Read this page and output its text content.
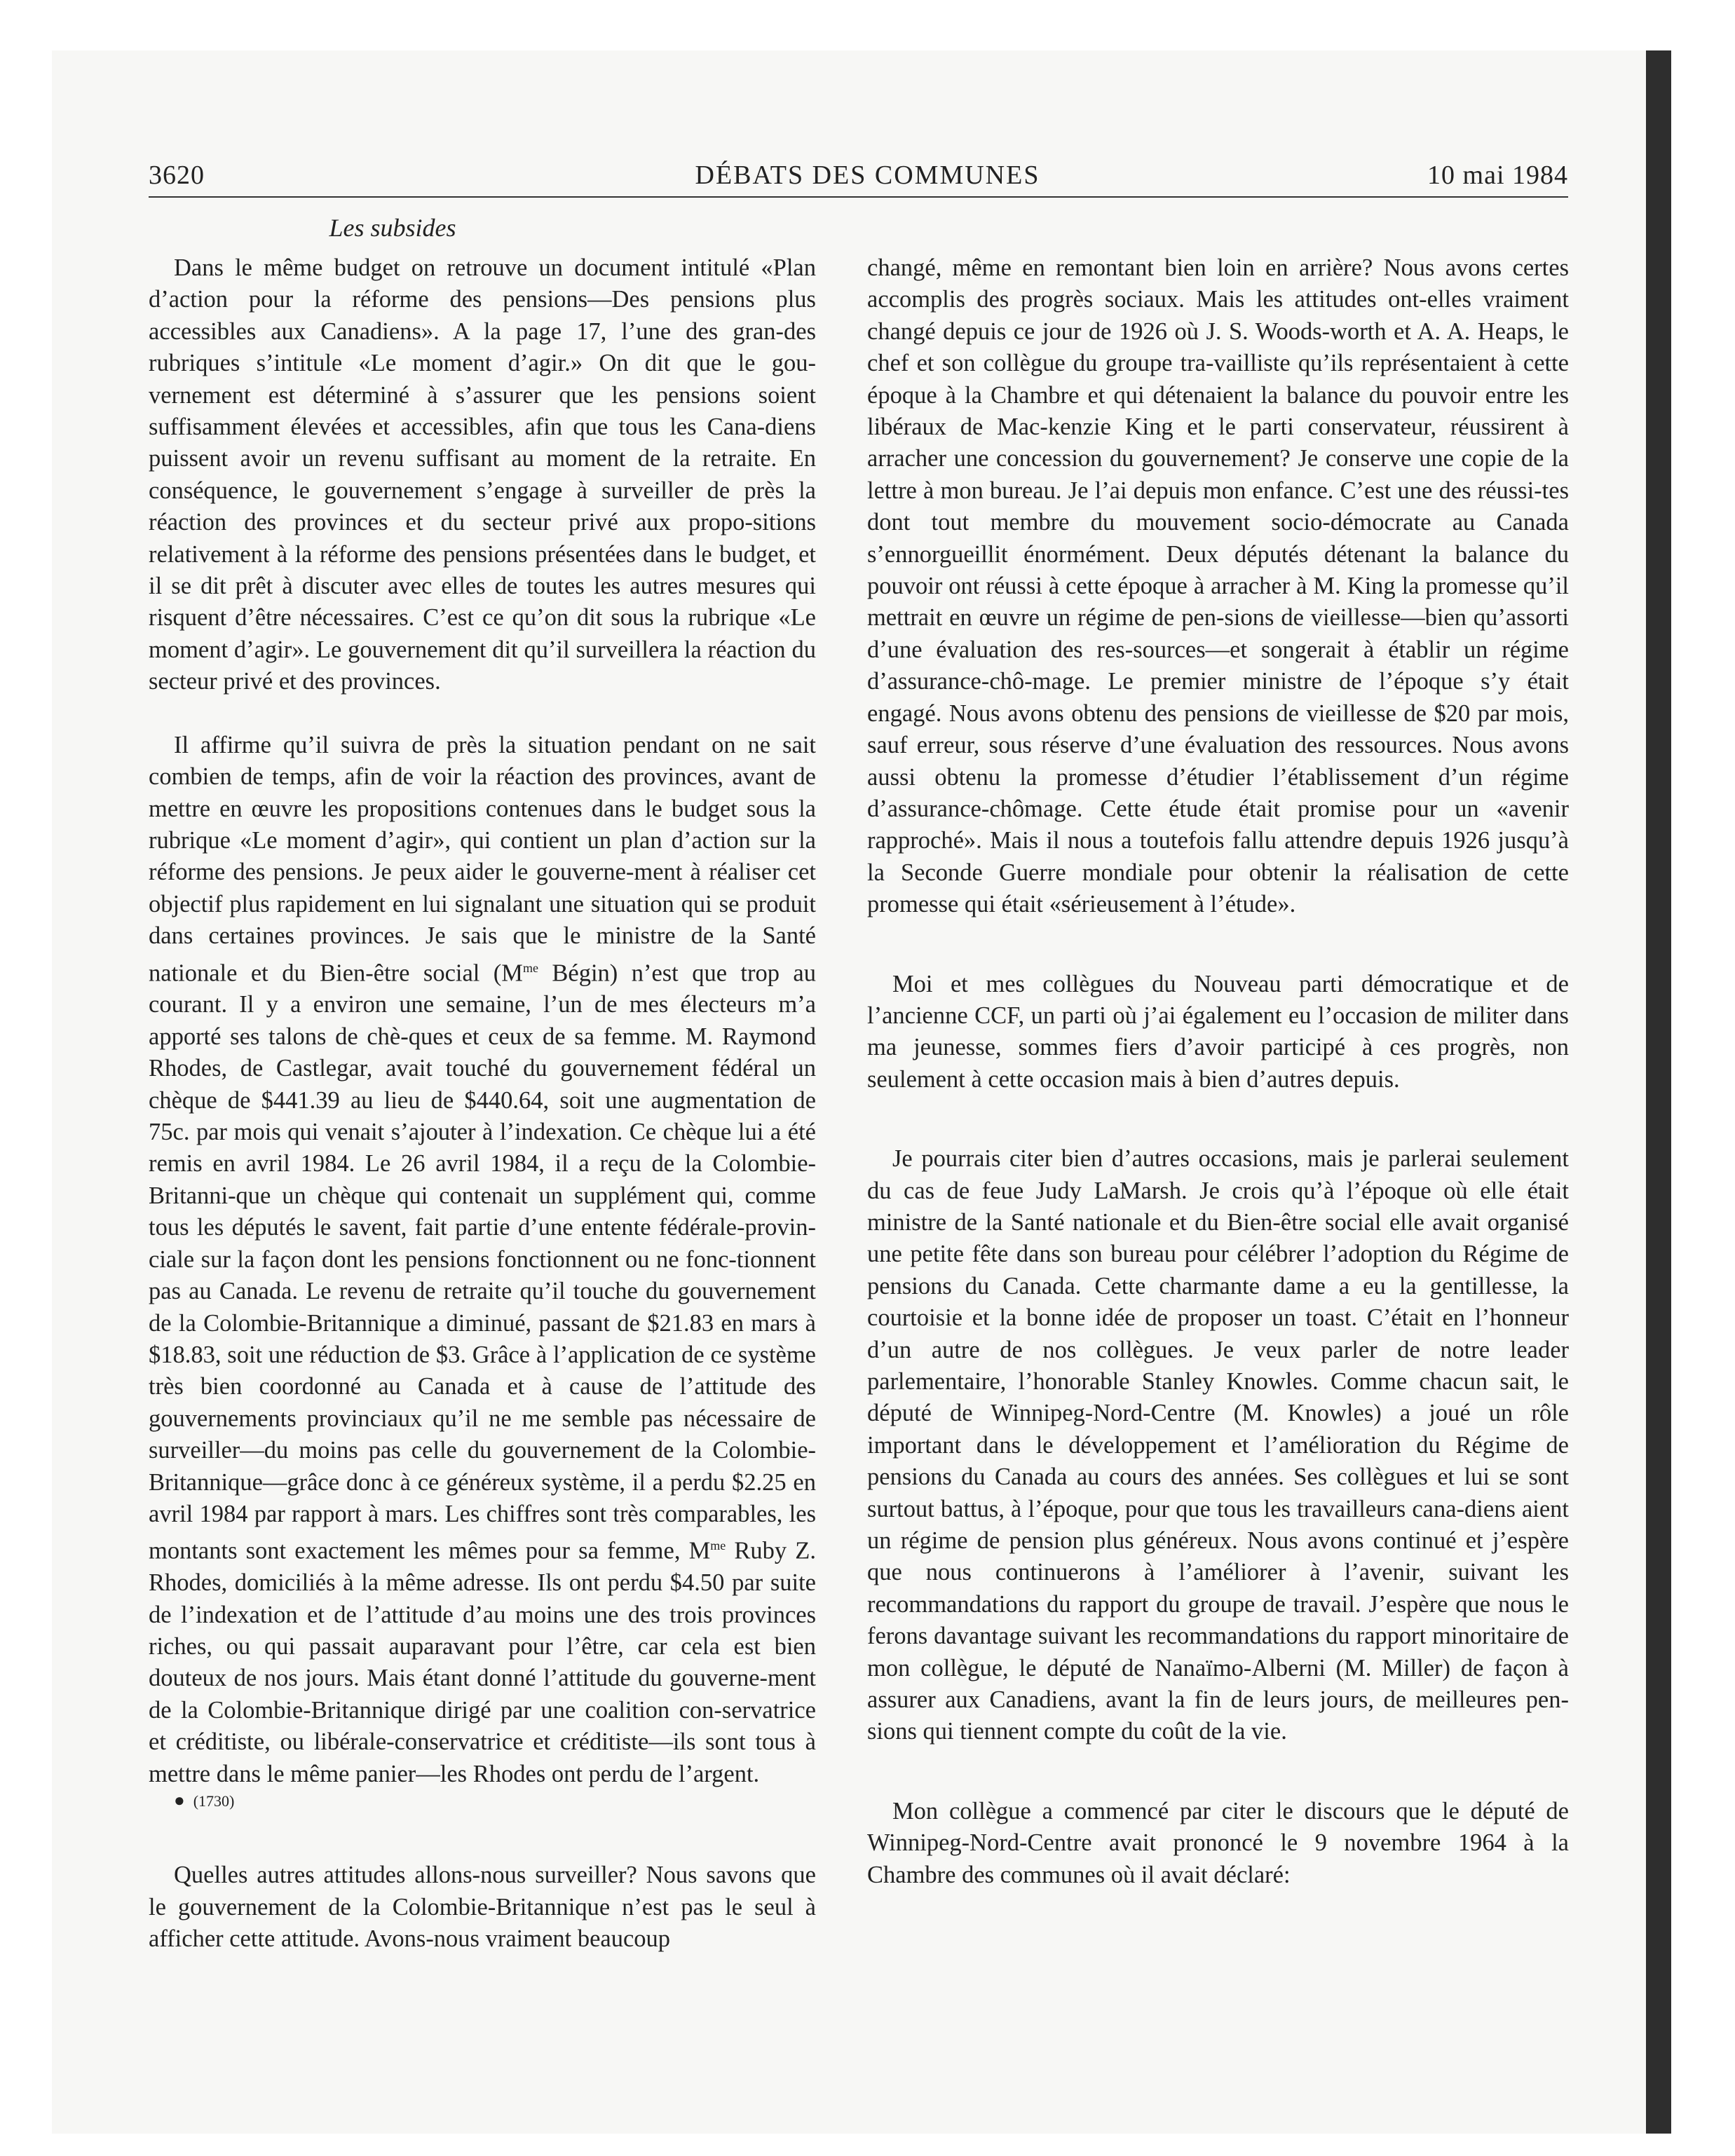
3620	DÉBATS DES COMMUNES	10 mai 1984
Les subsides

Dans le même budget on retrouve un document intitulé «Plan d’action pour la réforme des pensions—Des pensions plus accessibles aux Canadiens». A la page 17, l’une des gran-des rubriques s’intitule «Le moment d’agir.» On dit que le gou-vernement est déterminé à s’assurer que les pensions soient suffisamment élevées et accessibles, afin que tous les Cana-diens puissent avoir un revenu suffisant au moment de la retraite. En conséquence, le gouvernement s’engage à surveiller de près la réaction des provinces et du secteur privé aux propo-sitions relativement à la réforme des pensions présentées dans le budget, et il se dit prêt à discuter avec elles de toutes les autres mesures qui risquent d’être nécessaires. C’est ce qu’on dit sous la rubrique «Le moment d’agir». Le gouvernement dit qu’il surveillera la réaction du secteur privé et des provinces.

Il affirme qu’il suivra de près la situation pendant on ne sait combien de temps, afin de voir la réaction des provinces, avant de mettre en œuvre les propositions contenues dans le budget sous la rubrique «Le moment d’agir», qui contient un plan d’action sur la réforme des pensions. Je peux aider le gouverne-ment à réaliser cet objectif plus rapidement en lui signalant une situation qui se produit dans certaines provinces. Je sais que le ministre de la Santé nationale et du Bien-être social ($M^{me}$ Bégin) n’est que trop au courant. Il y a environ une semaine, l’un de mes électeurs m’a apporté ses talons de chè-ques et ceux de sa femme. M. Raymond Rhodes, de Castlegar, avait touché du gouvernement fédéral un chèque de $441.39 au lieu de $440.64, soit une augmentation de 75c. par mois qui venait s’ajouter à l’indexation. Ce chèque lui a été remis en avril 1984. Le 26 avril 1984, il a reçu de la Colombie-Britanni-que un chèque qui contenait un supplément qui, comme tous les députés le savent, fait partie d’une entente fédérale-provin-ciale sur la façon dont les pensions fonctionnent ou ne fonc-tionnent pas au Canada. Le revenu de retraite qu’il touche du gouvernement de la Colombie-Britannique a diminué, passant de $21.83 en mars à $18.83, soit une réduction de $3. Grâce à l’application de ce système très bien coordonné au Canada et à cause de l’attitude des gouvernements provinciaux qu’il ne me semble pas nécessaire de surveiller—du moins pas celle du gouvernement de la Colombie-Britannique—grâce donc à ce généreux système, il a perdu $2.25 en avril 1984 par rapport à mars. Les chiffres sont très comparables, les montants sont exactement les mêmes pour sa femme, $M^{me}$ Ruby Z. Rhodes, domiciliés à la même adresse. Ils ont perdu $4.50 par suite de l’indexation et de l’attitude d’au moins une des trois provinces riches, ou qui passait auparavant pour l’être, car cela est bien douteux de nos jours. Mais étant donné l’attitude du gouverne-ment de la Colombie-Britannique dirigé par une coalition con-servatrice et créditiste, ou libérale-conservatrice et créditiste—ils sont tous à mettre dans le même panier—les Rhodes ont perdu de l’argent.

● (1730)

Quelles autres attitudes allons-nous surveiller? Nous savons que le gouvernement de la Colombie-Britannique n’est pas le seul à afficher cette attitude. Avons-nous vraiment beaucoup

changé, même en remontant bien loin en arrière? Nous avons certes accomplis des progrès sociaux. Mais les attitudes ont-elles vraiment changé depuis ce jour de 1926 où J. S. Woods-worth et A. A. Heaps, le chef et son collègue du groupe tra-vailliste qu’ils représentaient à cette époque à la Chambre et qui détenaient la balance du pouvoir entre les libéraux de Mac-kenzie King et le parti conservateur, réussirent à arracher une concession du gouvernement? Je conserve une copie de la lettre à mon bureau. Je l’ai depuis mon enfance. C’est une des réussi-tes dont tout membre du mouvement socio-démocrate au Canada s’ennorgueillit énormément. Deux députés détenant la balance du pouvoir ont réussi à cette époque à arracher à M. King la promesse qu’il mettrait en œuvre un régime de pen-sions de vieillesse—bien qu’assorti d’une évaluation des res-sources—et songerait à établir un régime d’assurance-chô-mage. Le premier ministre de l’époque s’y était engagé. Nous avons obtenu des pensions de vieillesse de $20 par mois, sauf erreur, sous réserve d’une évaluation des ressources. Nous avons aussi obtenu la promesse d’étudier l’établissement d’un régime d’assurance-chômage. Cette étude était promise pour un «avenir rapproché». Mais il nous a toutefois fallu attendre depuis 1926 jusqu’à la Seconde Guerre mondiale pour obtenir la réalisation de cette promesse qui était «sérieusement à l’étude».

Moi et mes collègues du Nouveau parti démocratique et de l’ancienne CCF, un parti où j’ai également eu l’occasion de militer dans ma jeunesse, sommes fiers d’avoir participé à ces progrès, non seulement à cette occasion mais à bien d’autres depuis.

Je pourrais citer bien d’autres occasions, mais je parlerai seulement du cas de feue Judy LaMarsh. Je crois qu’à l’époque où elle était ministre de la Santé nationale et du Bien-être social elle avait organisé une petite fête dans son bureau pour célébrer l’adoption du Régime de pensions du Canada. Cette charmante dame a eu la gentillesse, la courtoisie et la bonne idée de proposer un toast. C’était en l’honneur d’un autre de nos collègues. Je veux parler de notre leader parlementaire, l’honorable Stanley Knowles. Comme chacun sait, le député de Winnipeg-Nord-Centre (M. Knowles) a joué un rôle important dans le développement et l’amélioration du Régime de pensions du Canada au cours des années. Ses collègues et lui se sont surtout battus, à l’époque, pour que tous les travailleurs cana-diens aient un régime de pension plus généreux. Nous avons continué et j’espère que nous continuerons à l’améliorer à l’avenir, suivant les recommandations du rapport du groupe de travail. J’espère que nous le ferons davantage suivant les recommandations du rapport minoritaire de mon collègue, le député de Nanaïmo-Alberni (M. Miller) de façon à assurer aux Canadiens, avant la fin de leurs jours, de meilleures pen-sions qui tiennent compte du coût de la vie.

Mon collègue a commencé par citer le discours que le député de Winnipeg-Nord-Centre avait prononcé le 9 novembre 1964 à la Chambre des communes où il avait déclaré:
